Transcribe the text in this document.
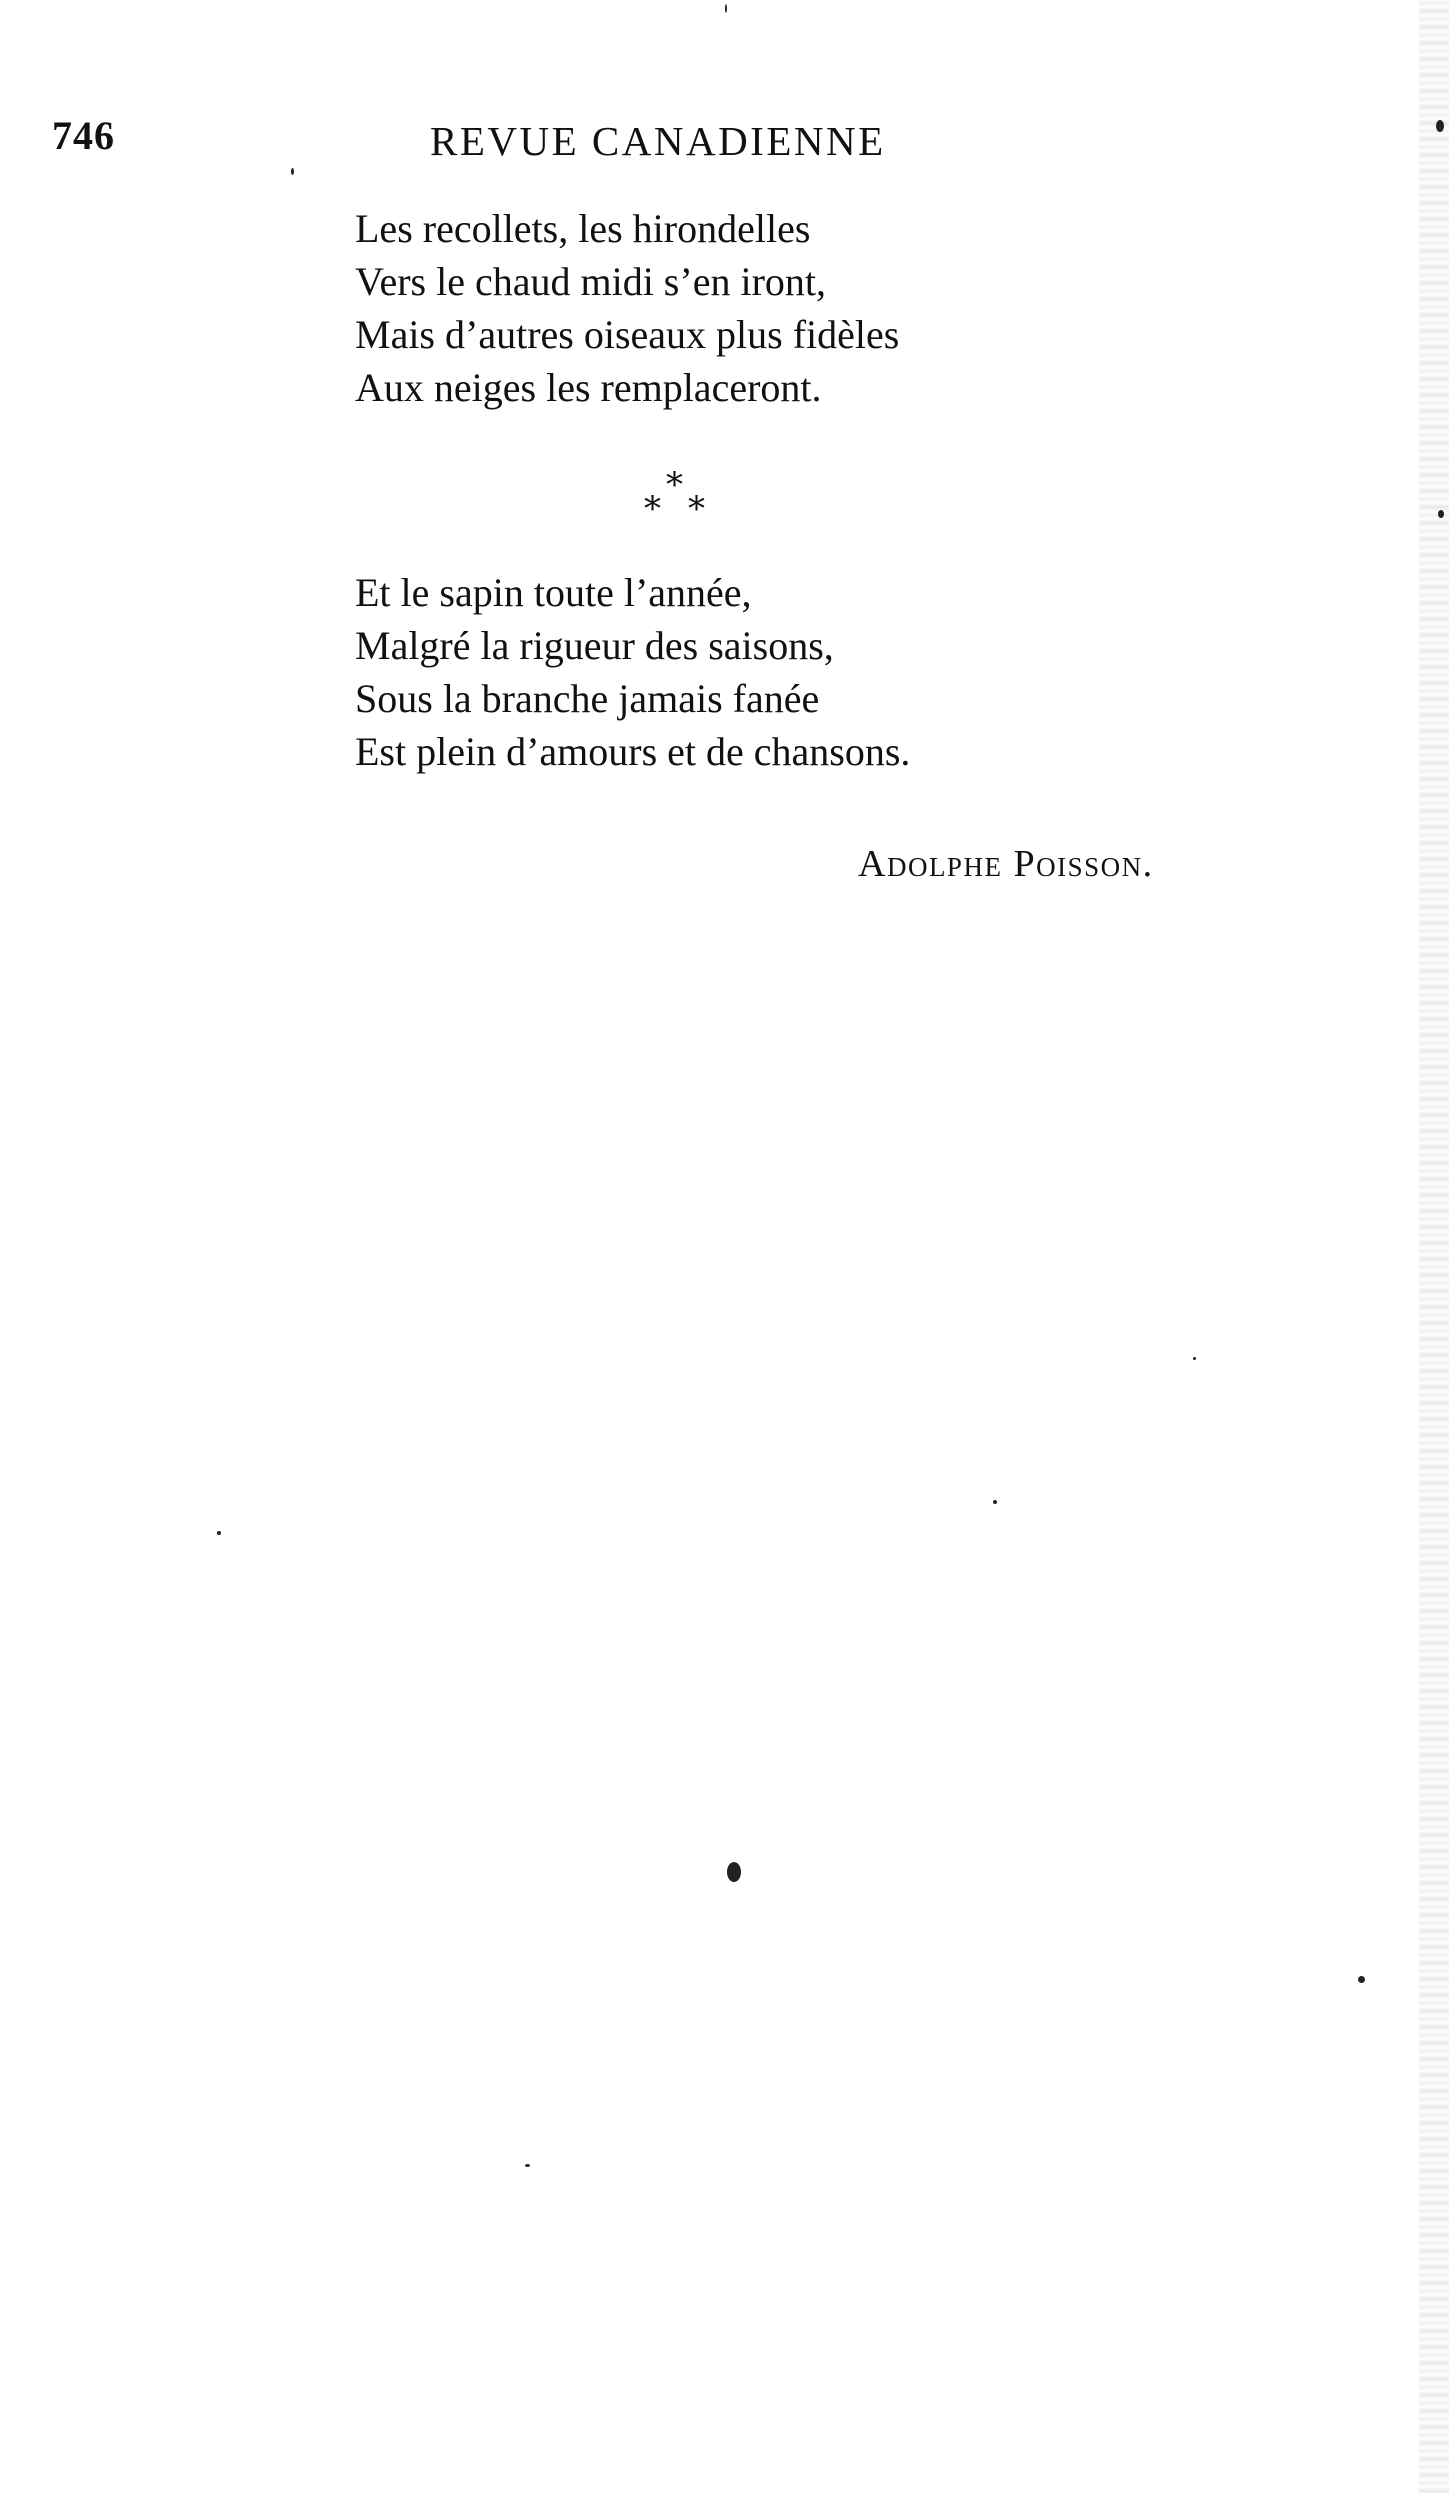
746	REVUE CANADIENNE
Les recollets, les hirondelles
Vers le chaud midi s’en iront,
Mais d’autres oiseaux plus fidèles
Aux neiges les remplaceront.
*
* *
Et le sapin toute l’année,
Malgré la rigueur des saisons,
Sous la branche jamais fanée
Est plein d’amours et de chansons.
Adolphe Poisson.
